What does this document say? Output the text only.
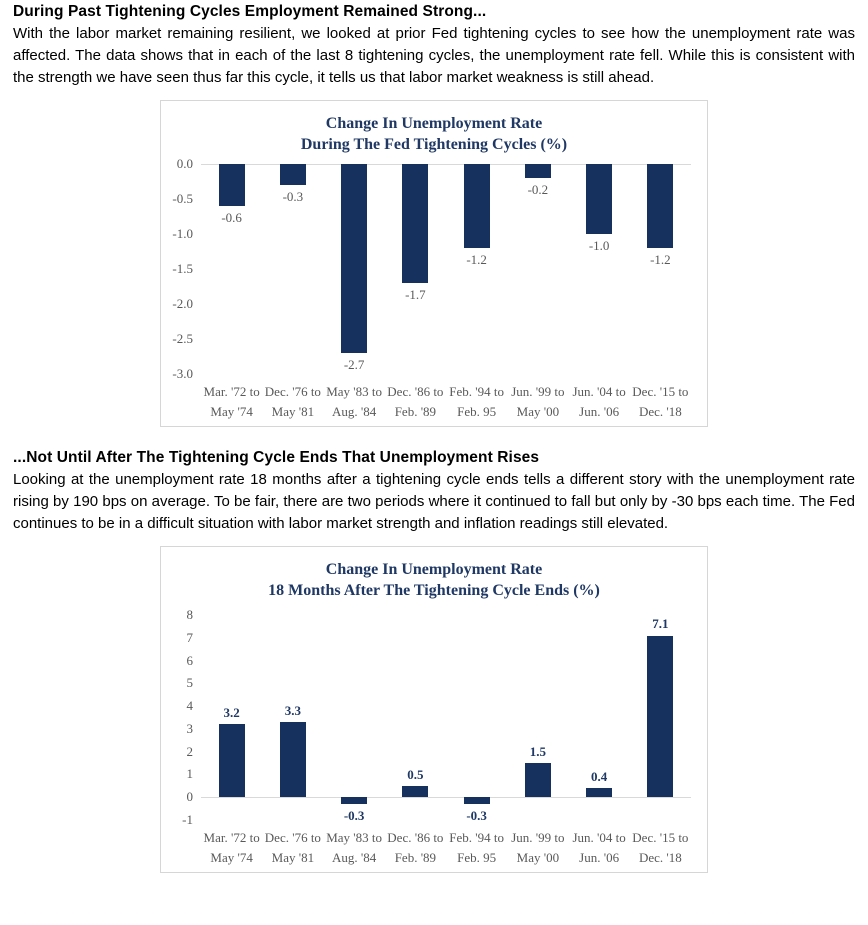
During Past Tightening Cycles Employment Remained Strong...

With the labor market remaining resilient, we looked at prior Fed tightening cycles to see how the unemployment rate was affected. The data shows that in each of the last 8 tightening cycles, the unemployment rate fell. While this is consistent with the strength we have seen thus far this cycle, it tells us that labor market weakness is still ahead.

Change In Unemployment Rate
During The Fed Tightening Cycles (%)
0.0
-0.5
-1.0
-1.5
-2.0
-2.5
-3.0
-0.6
-0.3
-2.7
-1.7
-1.2
-0.2
-1.0
-1.2
Mar. '72 to
May '74
Dec. '76 to
May '81
May '83 to
Aug. '84
Dec. '86 to
Feb. '89
Feb. '94 to
Feb. 95
Jun. '99 to
May '00
Jun. '04 to
Jun. '06
Dec. '15 to
Dec. '18
...Not Until After The Tightening Cycle Ends That Unemployment Rises

Looking at the unemployment rate 18 months after a tightening cycle ends tells a different story with the unemployment rate rising by 190 bps on average. To be fair, there are two periods where it continued to fall but only by -30 bps each time. The Fed continues to be in a difficult situation with labor market strength and inflation readings still elevated.

Change In Unemployment Rate
18 Months After The Tightening Cycle Ends (%)
8
7
6
5
4
3
2
1
0
-1
3.2	3.3
-0.3
0.5
-0.3
1.5
0.4
7.1
Mar. '72 to
May '74
Dec. '76 to
May '81
May '83 to
Aug. '84
Dec. '86 to
Feb. '89
Feb. '94 to
Feb. 95
Jun. '99 to
May '00
Jun. '04 to
Jun. '06
Dec. '15 to
Dec. '18
